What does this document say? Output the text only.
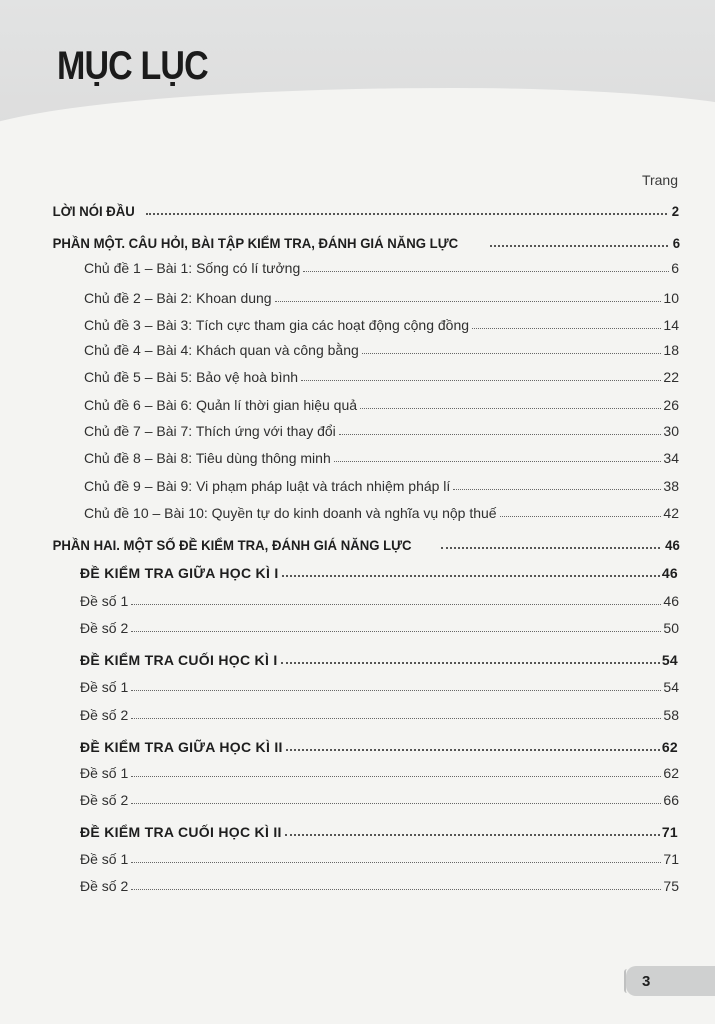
MỤC LỤC
Trang
LỜI NÓI ĐẦU	2
PHẦN MỘT. CÂU HỎI, BÀI TẬP KIỂM TRA, ĐÁNH GIÁ NĂNG LỰC	6
Chủ đề 1 – Bài 1: Sống có lí tưởng	6
Chủ đề 2 – Bài 2: Khoan dung	10
Chủ đề 3 – Bài 3: Tích cực tham gia các hoạt động cộng đồng	14
Chủ đề 4 – Bài 4: Khách quan và công bằng	18
Chủ đề 5 – Bài 5: Bảo vệ hoà bình	22
Chủ đề 6 – Bài 6: Quản lí thời gian hiệu quả	26
Chủ đề 7 – Bài 7: Thích ứng với thay đổi	30
Chủ đề 8 – Bài 8: Tiêu dùng thông minh	34
Chủ đề 9 – Bài 9: Vi phạm pháp luật và trách nhiệm pháp lí	38
Chủ đề 10 – Bài 10: Quyền tự do kinh doanh và nghĩa vụ nộp thuế	42
PHẦN HAI. MỘT SỐ ĐỀ KIỂM TRA, ĐÁNH GIÁ NĂNG LỰC	46
ĐỀ KIỂM TRA GIỮA HỌC KÌ I	46
Đề số 1	46
Đề số 2	50
ĐỀ KIỂM TRA CUỐI HỌC KÌ I	54
Đề số 1	54
Đề số 2	58
ĐỀ KIỂM TRA GIỮA HỌC KÌ II	62
Đề số 1	62
Đề số 2	66
ĐỀ KIỂM TRA CUỐI HỌC KÌ II	71
Đề số 1	71
Đề số 2	75
3
